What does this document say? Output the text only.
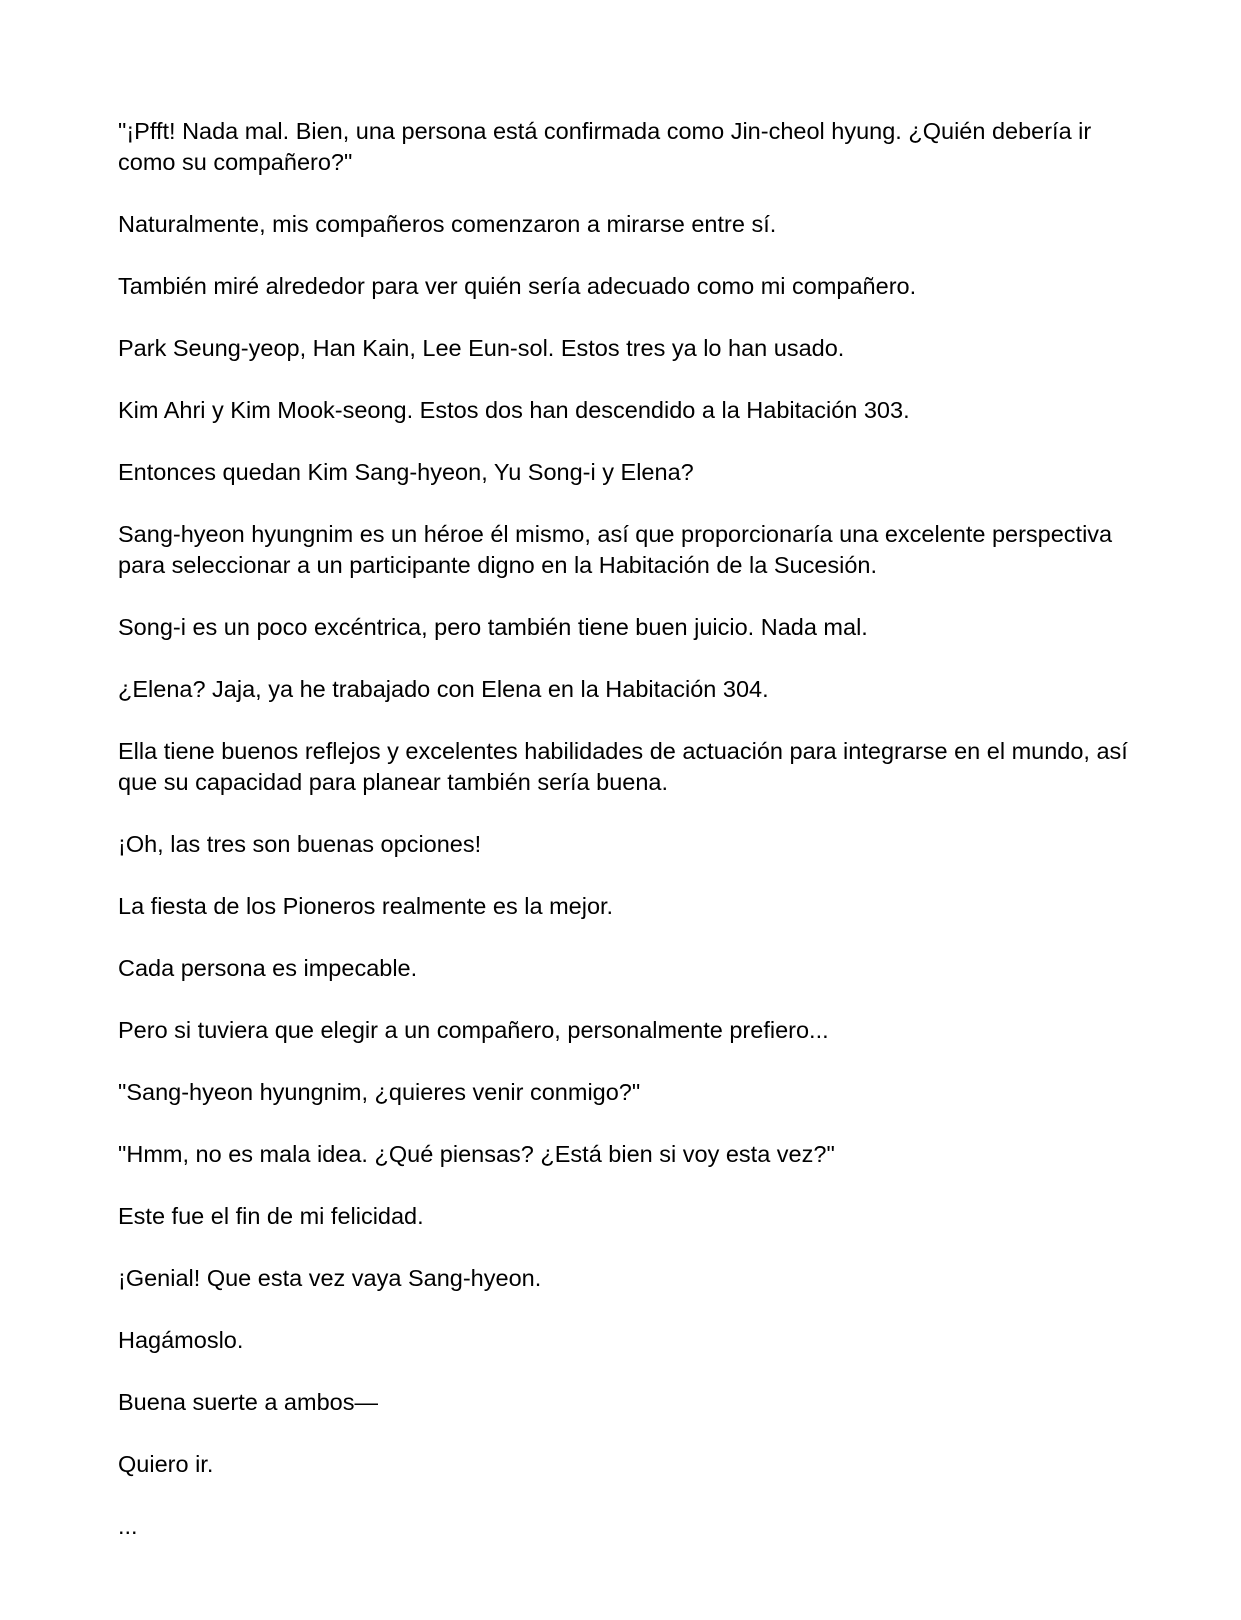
"¡Pfft! Nada mal. Bien, una persona está confirmada como Jin-cheol hyung. ¿Quién debería ir como su compañero?"

Naturalmente, mis compañeros comenzaron a mirarse entre sí.

También miré alrededor para ver quién sería adecuado como mi compañero.

Park Seung-yeop, Han Kain, Lee Eun-sol. Estos tres ya lo han usado.

Kim Ahri y Kim Mook-seong. Estos dos han descendido a la Habitación 303.

Entonces quedan Kim Sang-hyeon, Yu Song-i y Elena?

Sang-hyeon hyungnim es un héroe él mismo, así que proporcionaría una excelente perspectiva para seleccionar a un participante digno en la Habitación de la Sucesión.

Song-i es un poco excéntrica, pero también tiene buen juicio. Nada mal.

¿Elena? Jaja, ya he trabajado con Elena en la Habitación 304.

Ella tiene buenos reflejos y excelentes habilidades de actuación para integrarse en el mundo, así que su capacidad para planear también sería buena.

¡Oh, las tres son buenas opciones!

La fiesta de los Pioneros realmente es la mejor.

Cada persona es impecable.

Pero si tuviera que elegir a un compañero, personalmente prefiero...

"Sang-hyeon hyungnim, ¿quieres venir conmigo?"

"Hmm, no es mala idea. ¿Qué piensas? ¿Está bien si voy esta vez?"

Este fue el fin de mi felicidad.

¡Genial! Que esta vez vaya Sang-hyeon.

Hagámoslo.

Buena suerte a ambos—

Quiero ir.

...
